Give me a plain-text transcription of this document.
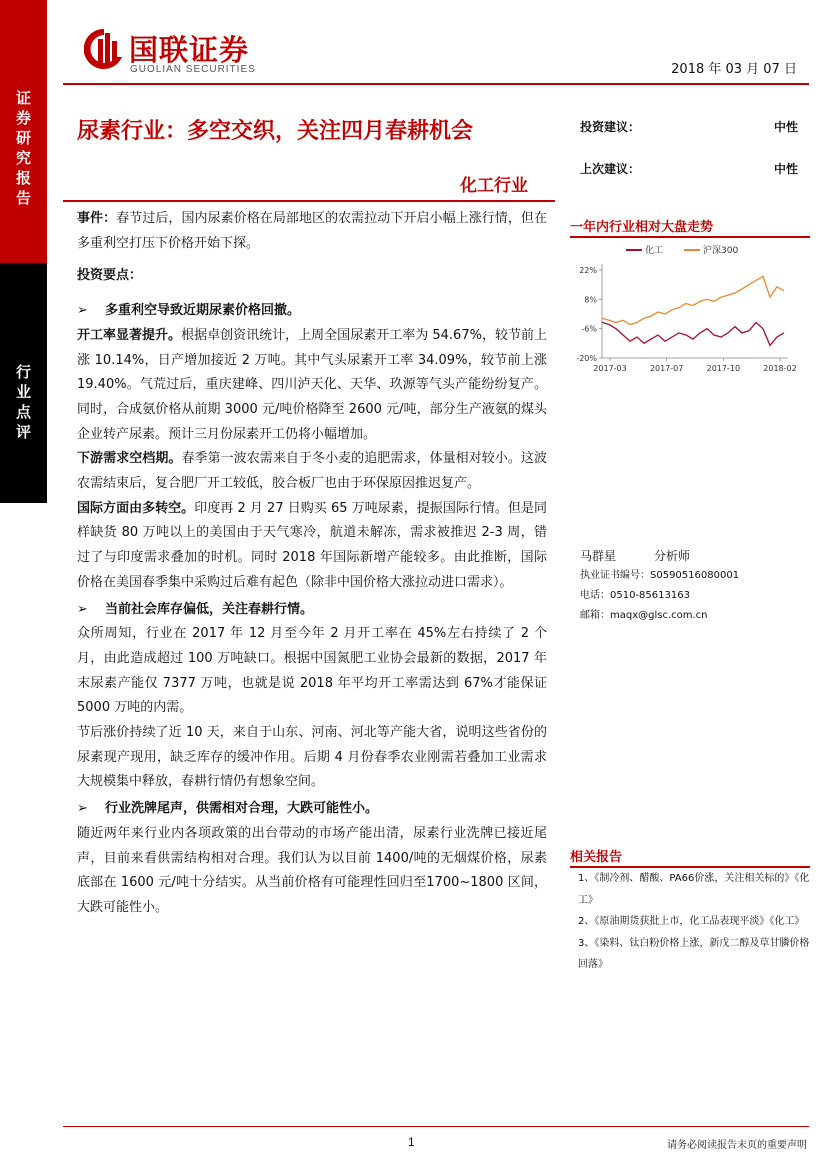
证
券
研
究
报
告
行
业
点
评
国联证券
GUOLIAN SECURITIES	2018 年 03 月 07 日
尿素行业：多空交织，关注四月春耕机会
化工行业
投资建议：	中性
上次建议：	中性

事件：春节过后，国内尿素价格在局部地区的农需拉动下开启小幅上涨行情，但在多重利空打压下价格开始下探。

投资要点：

➢ 多重利空导致近期尿素价格回撤。

开工率显著提升。根据卓创资讯统计，上周全国尿素开工率为 54.67%，较节前上涨 10.14%，日产增加接近 2 万吨。其中气头尿素开工率 34.09%，较节前上涨 19.40%。气荒过后，重庆建峰、四川泸天化、天华、玖源等气头产能纷纷复产。同时，合成氨价格从前期 3000 元/吨价格降至 2600 元/吨，部分生产液氨的煤头企业转产尿素。预计三月份尿素开工仍将小幅增加。

下游需求空档期。春季第一波农需来自于冬小麦的追肥需求，体量相对较小。这波农需结束后，复合肥厂开工较低，胶合板厂也由于环保原因推迟复产。

国际方面由多转空。印度再 2 月 27 日购买 65 万吨尿素，提振国际行情。但是同样缺货 80 万吨以上的美国由于天气寒冷，航道未解冻，需求被推迟 2-3 周，错过了与印度需求叠加的时机。同时 2018 年国际新增产能较多。由此推断，国际价格在美国春季集中采购过后难有起色（除非中国价格大涨拉动进口需求）。

➢ 当前社会库存偏低，关注春耕行情。

众所周知，行业在 2017 年 12 月至今年 2 月开工率在 45%左右持续了 2 个月，由此造成超过 100 万吨缺口。根据中国氮肥工业协会最新的数据，2017 年末尿素产能仅 7377 万吨，也就是说 2018 年平均开工率需达到 67%才能保证 5000 万吨的内需。

节后涨价持续了近 10 天，来自于山东、河南、河北等产能大省，说明这些省份的尿素现产现用，缺乏库存的缓冲作用。后期 4 月份春季农业刚需若叠加工业需求大规模集中释放，春耕行情仍有想象空间。

➢ 行业洗牌尾声，供需相对合理，大跌可能性小。

随近两年来行业内各项政策的出台带动的市场产能出清，尿素行业洗牌已接近尾声，目前来看供需结构相对合理。我们认为以目前 1400/吨的无烟煤价格，尿素底部在 1600 元/吨十分结实。从当前价格有可能理性回归至1700~1800 区间，大跌可能性小。

一年内行业相对大盘走势
化工	沪深300
22%
8%
-6%
-20%
2017-03	2017-07	2017-10	2018-02
马群星	分析师
执业证书编号：S0590516080001
电话：0510-85613163
邮箱：maqx@glsc.com.cn
相关报告
1、《制冷剂、醋酸、PA66价涨，关注相关标的》《化工》
2、《原油期货获批上市，化工品表现平淡》《化工》
3、《染料、钛白粉价格上涨，新戊二醇及草甘膦价格回落》
1	请务必阅读报告末页的重要声明
